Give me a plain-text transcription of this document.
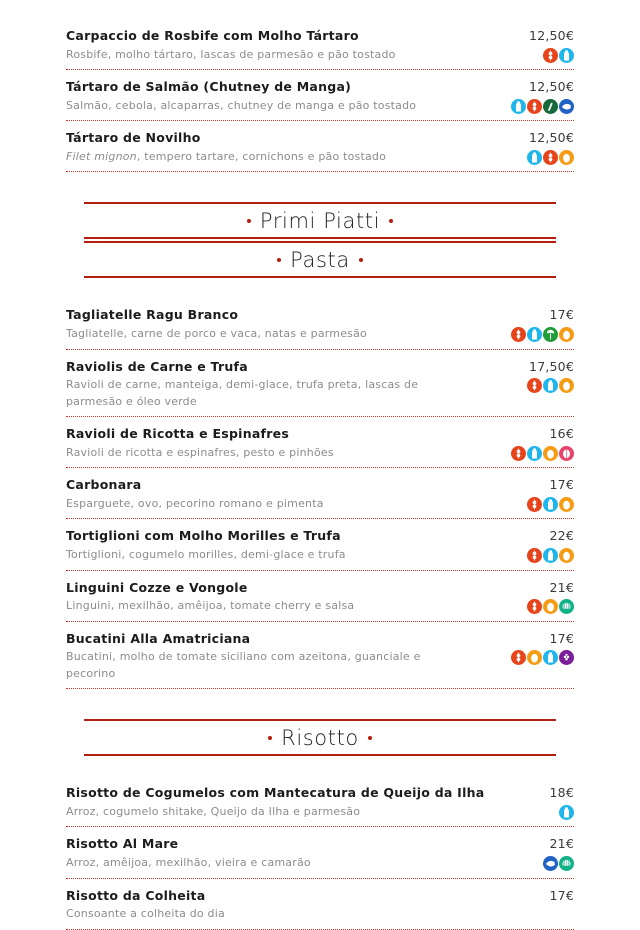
Carpaccio de Rosbife com Molho Tártaro	12,50€
Rosbife, molho tártaro, lascas de parmesão e pão tostado
Tártaro de Salmão (Chutney de Manga)	12,50€
Salmão, cebola, alcaparras, chutney de manga e pão tostado
Tártaro de Novilho	12,50€
Filet mignon, tempero tartare, cornichons e pão tostado
Primi Piatti
Pasta
Tagliatelle Ragu Branco	17€
Tagliatelle, carne de porco e vaca, natas e parmesão
Raviolis de Carne e Trufa	17,50€
Ravioli de carne, manteiga, demi-glace, trufa preta, lascas de parmesão e óleo verde
Ravioli de Ricotta e Espinafres	16€
Ravioli de ricotta e espinafres, pesto e pinhões
Carbonara	17€
Esparguete, ovo, pecorino romano e pimenta
Tortiglioni com Molho Morilles e Trufa	22€
Tortiglioni, cogumelo morilles, demi-glace e trufa
Linguini Cozze e Vongole	21€
Linguini, mexilhão, amêijoa, tomate cherry e salsa
Bucatini Alla Amatriciana	17€
Bucatini, molho de tomate siciliano com azeitona, guanciale e pecorino
Risotto
Risotto de Cogumelos com Mantecatura de Queijo da Ilha	18€
Arroz, cogumelo shitake, Queijo da Ilha e parmesão
Risotto Al Mare	21€
Arroz, amêijoa, mexilhão, vieira e camarão
Risotto da Colheita	17€
Consoante a colheita do dia
